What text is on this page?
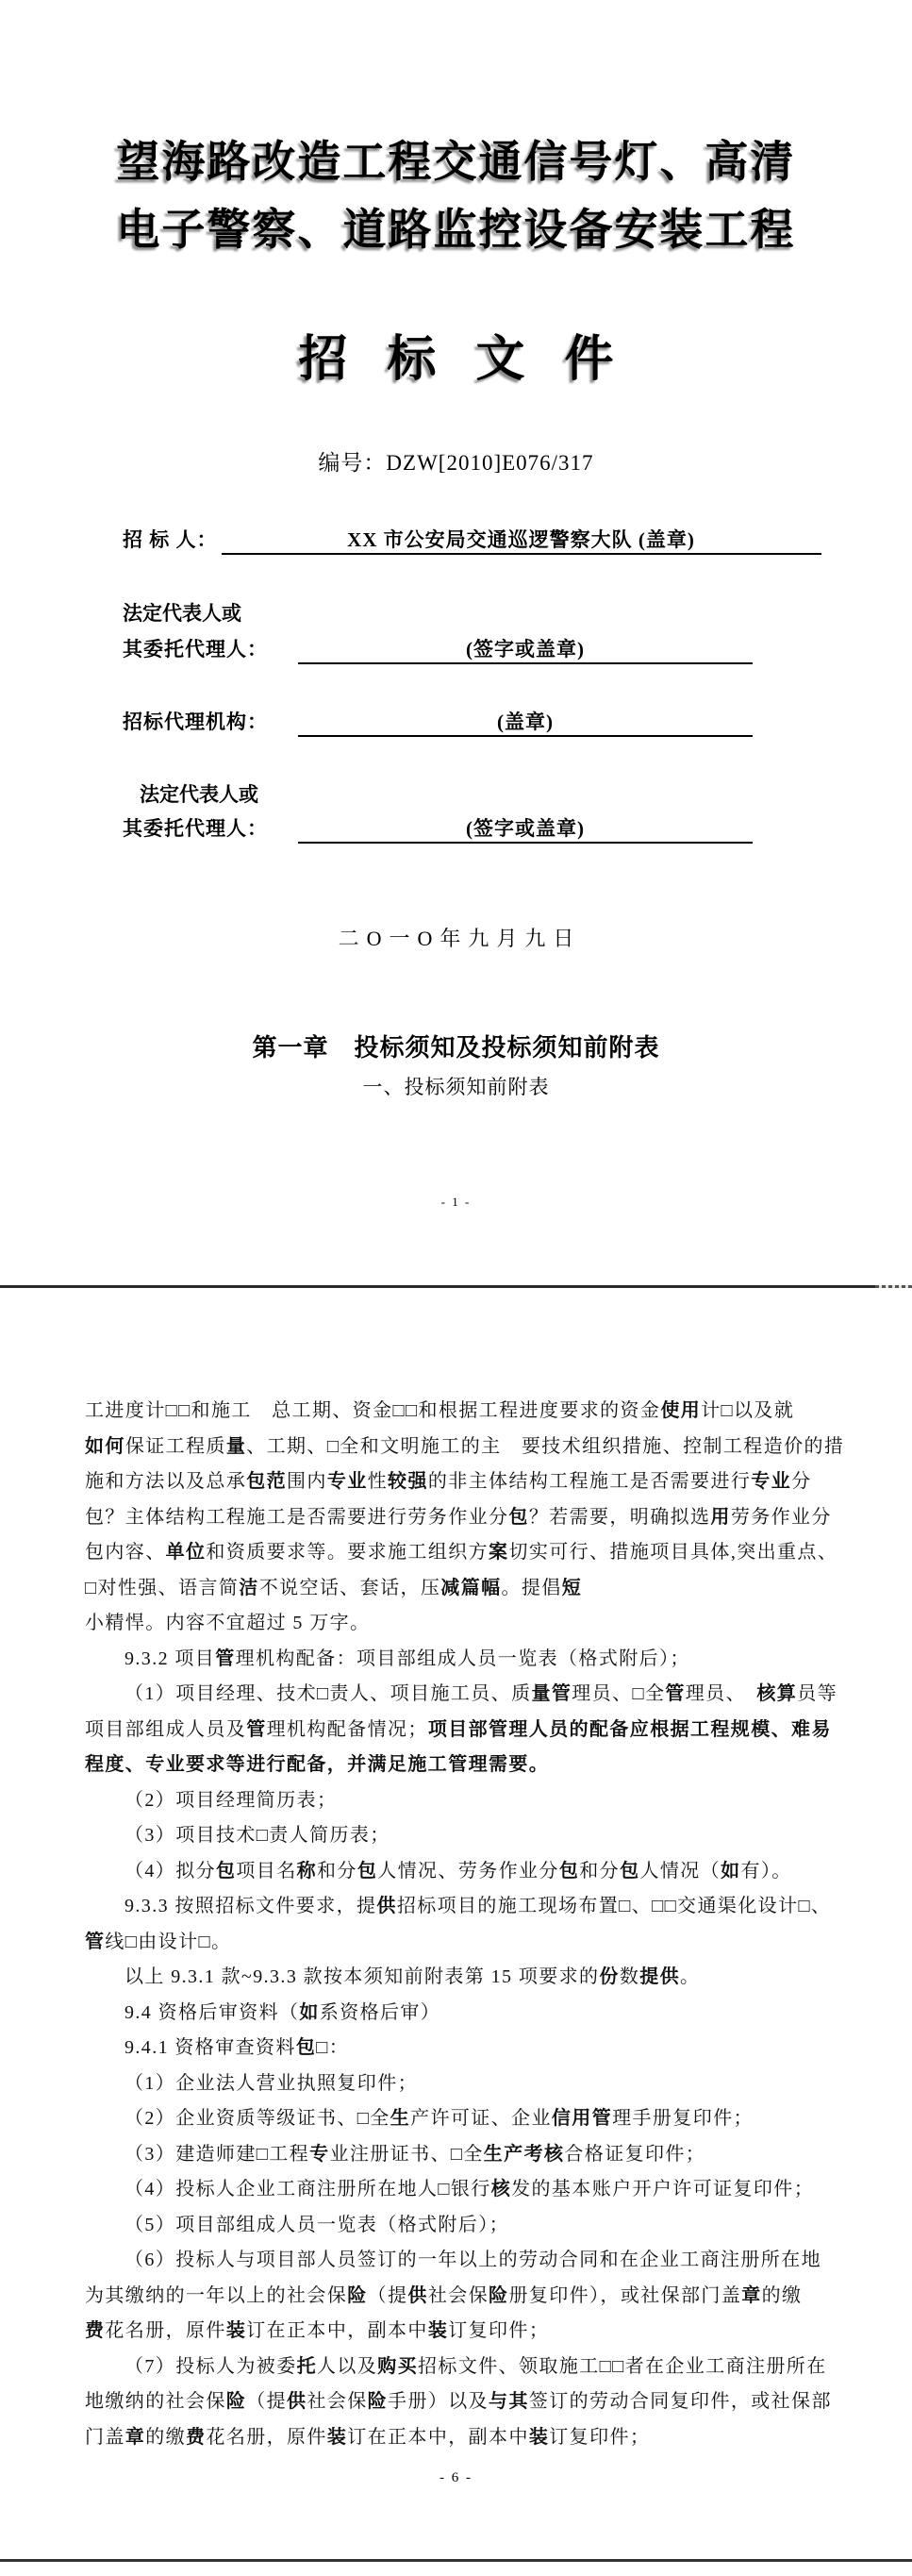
望海路改造工程交通信号灯、高清
电子警察、道路监控设备安装工程
招标文件
编号：DZW[2010]E076/317
招 标 人：	XX 市公安局交通巡逻警察大队 (盖章)
法定代表人或
其委托代理人：	(签字或盖章)
招标代理机构：	(盖章)
法定代表人或
其委托代理人：	(签字或盖章)
二O一O年九月九日
第一章　投标须知及投标须知前附表
一、投标须知前附表
- 1 -
工进度计□□和施工　总工期、资金□□和根据工程进度要求的资金使用计□以及就
如何保证工程质量、工期、□全和文明施工的主　要技术组织措施、控制工程造价的措
施和方法以及总承包范围内专业性较强的非主体结构工程施工是否需要进行专业分
包？主体结构工程施工是否需要进行劳务作业分包？若需要，明确拟选用劳务作业分
包内容、单位和资质要求等。要求施工组织方案切实可行、措施项目具体,突出重点、
□对性强、语言简洁不说空话、套话，压减篇幅。提倡短
小精悍。内容不宜超过 5 万字。
9.3.2 项目管理机构配备：项目部组成人员一览表（格式附后）；
（1）项目经理、技术□责人、项目施工员、质量管理员、□全管理员、　核算员等
项目部组成人员及管理机构配备情况；项目部管理人员的配备应根据工程规模、难易
程度、专业要求等进行配备，并满足施工管理需要。
（2）项目经理简历表；
（3）项目技术□责人简历表；
（4）拟分包项目名称和分包人情况、劳务作业分包和分包人情况（如有）。
9.3.3 按照招标文件要求，提供招标项目的施工现场布置□、□□交通渠化设计□、
管线□由设计□。
以上 9.3.1 款~9.3.3 款按本须知前附表第 15 项要求的份数提供。
9.4 资格后审资料（如系资格后审）
9.4.1 资格审查资料包□：
（1）企业法人营业执照复印件；
（2）企业资质等级证书、□全生产许可证、企业信用管理手册复印件；
（3）建造师建□工程专业注册证书、□全生产考核合格证复印件；
（4）投标人企业工商注册所在地人□银行核发的基本账户开户许可证复印件；
（5）项目部组成人员一览表（格式附后）；
（6）投标人与项目部人员签订的一年以上的劳动合同和在企业工商注册所在地
为其缴纳的一年以上的社会保险（提供社会保险册复印件），或社保部门盖章的缴
费花名册，原件装订在正本中，副本中装订复印件；
（7）投标人为被委托人以及购买招标文件、领取施工□□者在企业工商注册所在
地缴纳的社会保险（提供社会保险手册）以及与其签订的劳动合同复印件，或社保部
门盖章的缴费花名册，原件装订在正本中，副本中装订复印件；
- 6 -
